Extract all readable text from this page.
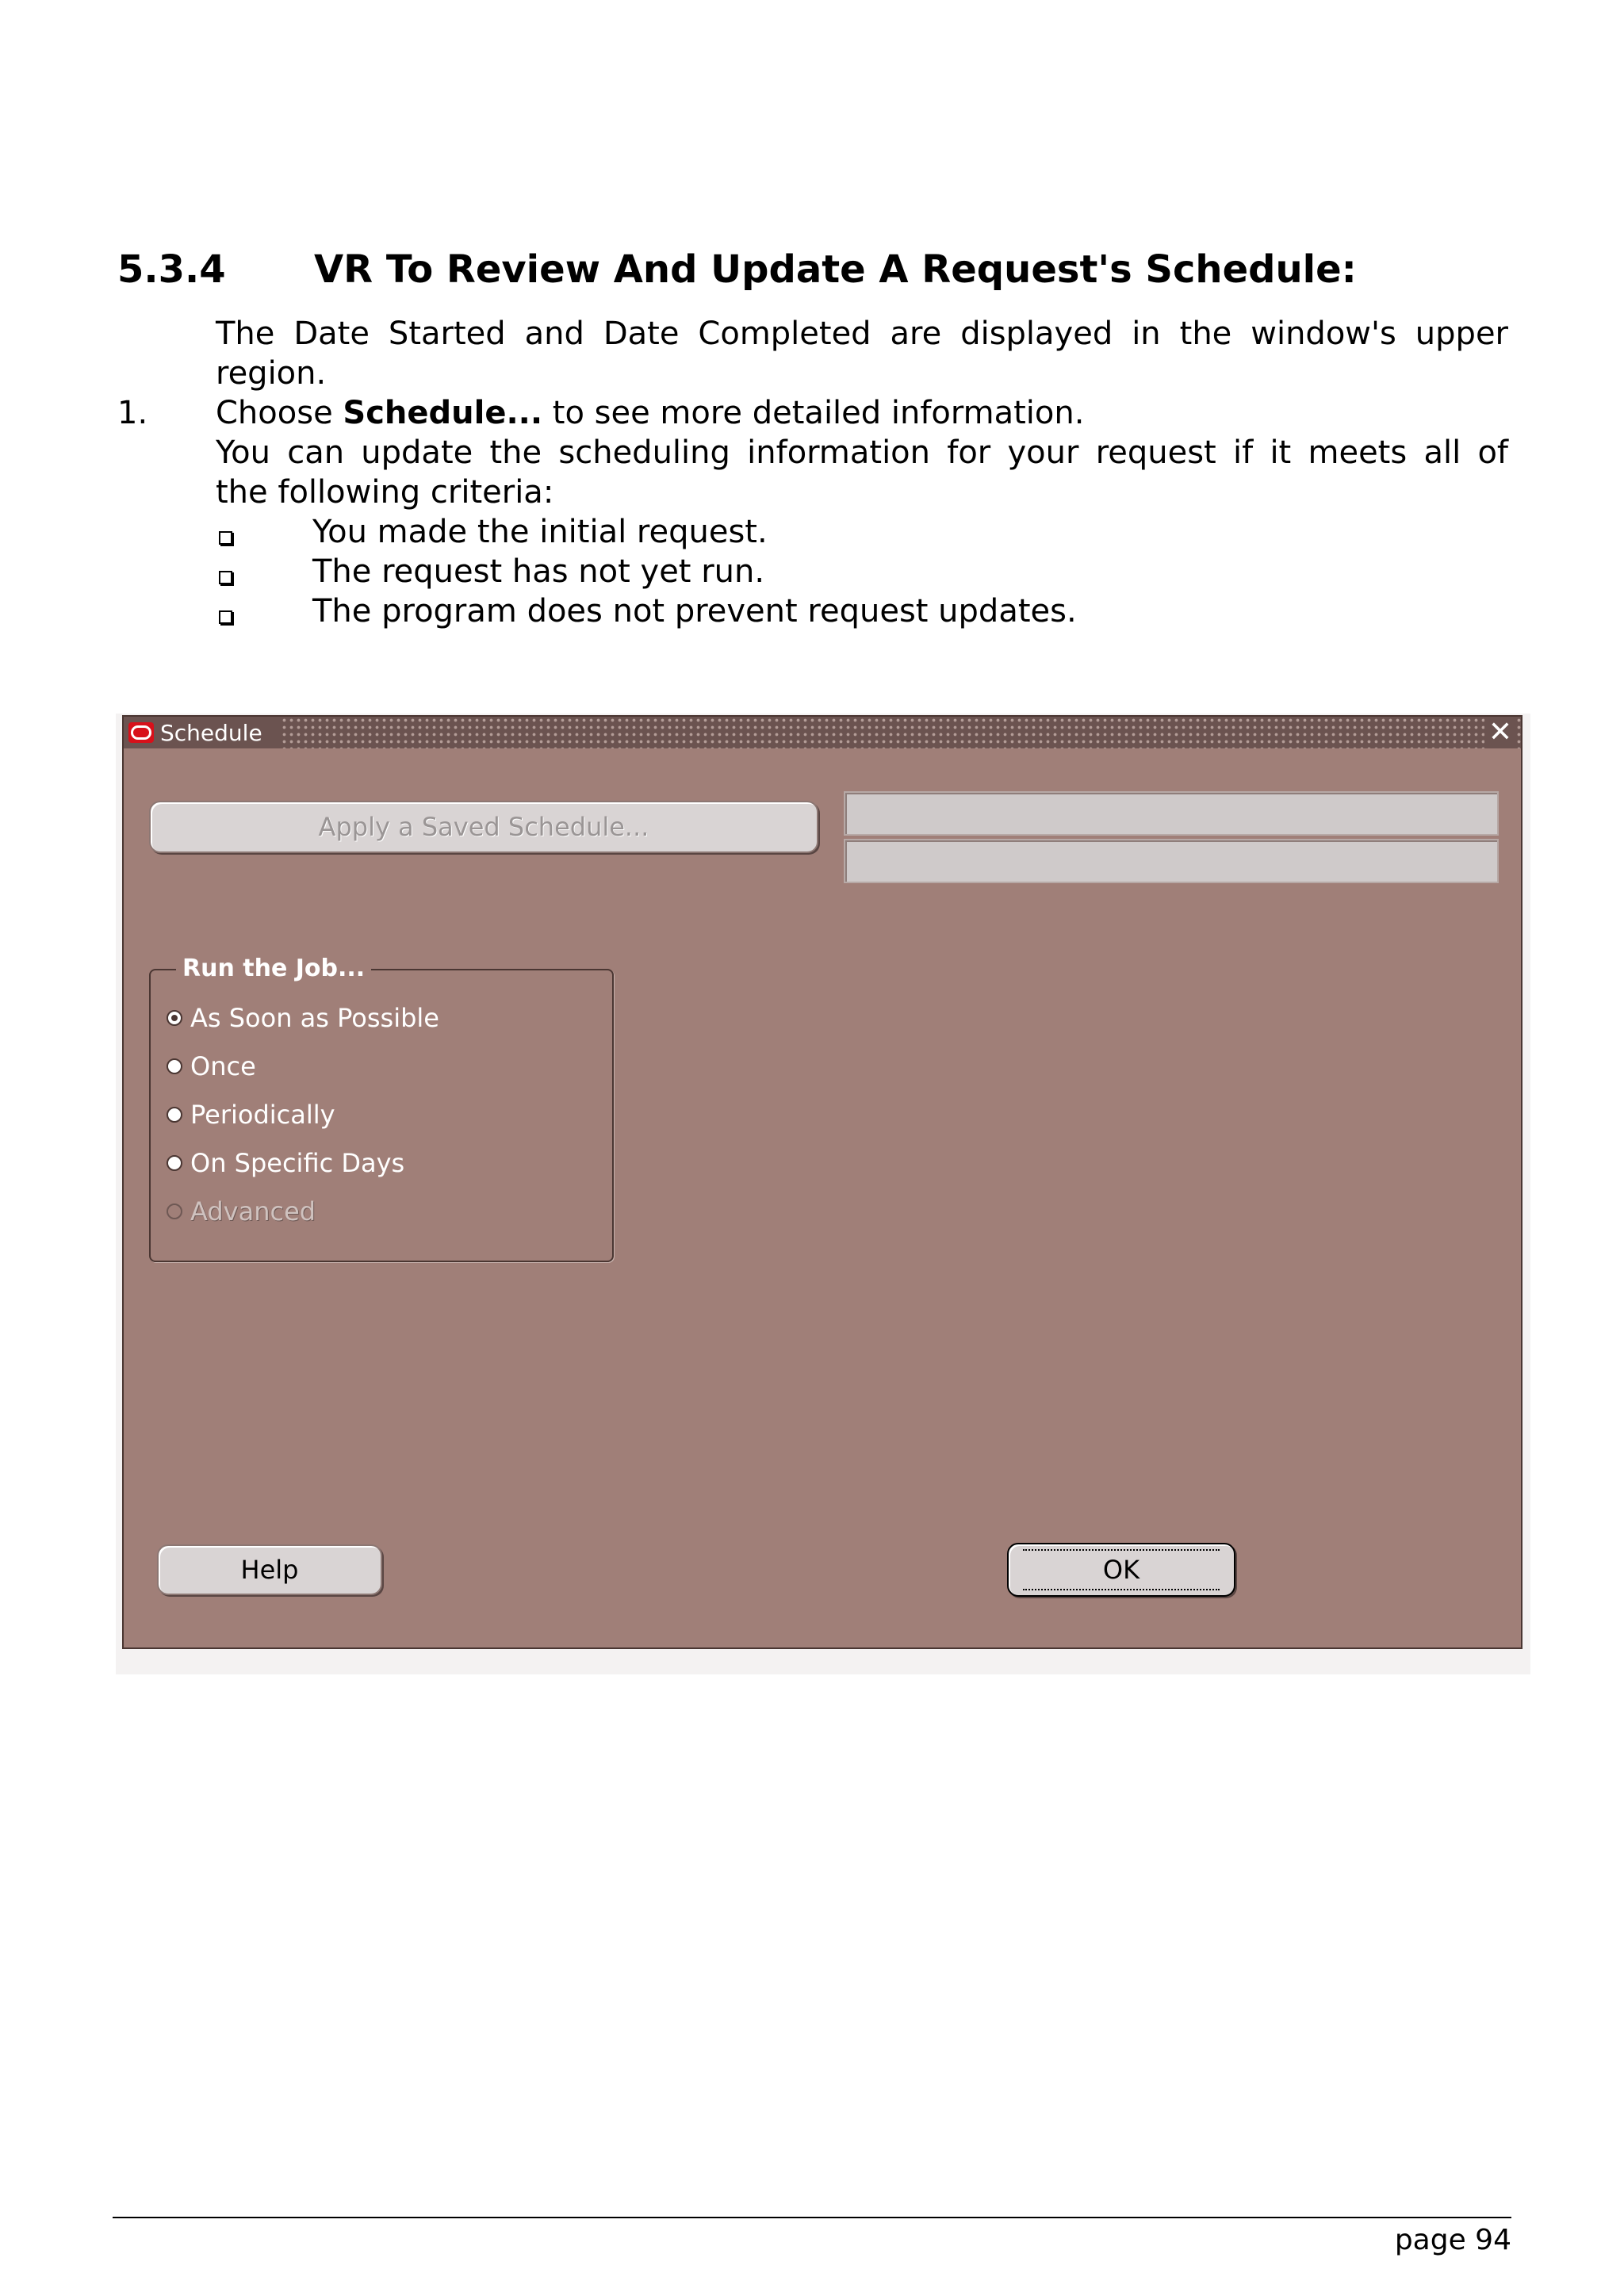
5.3.4 VR To Review And Update A Request's Schedule:
The Date Started and Date Completed are displayed in the window's upper
region.
1. Choose Schedule... to see more detailed information.
You can update the scheduling information for your request if it meets all of
the following criteria:
You made the initial request.
The request has not yet run.
The program does not prevent request updates.
Schedule	✕
Apply a Saved Schedule...
Run the Job...
As Soon as Possible
Once
Periodically
On Specific Days
Advanced
Help	OK
page 94
